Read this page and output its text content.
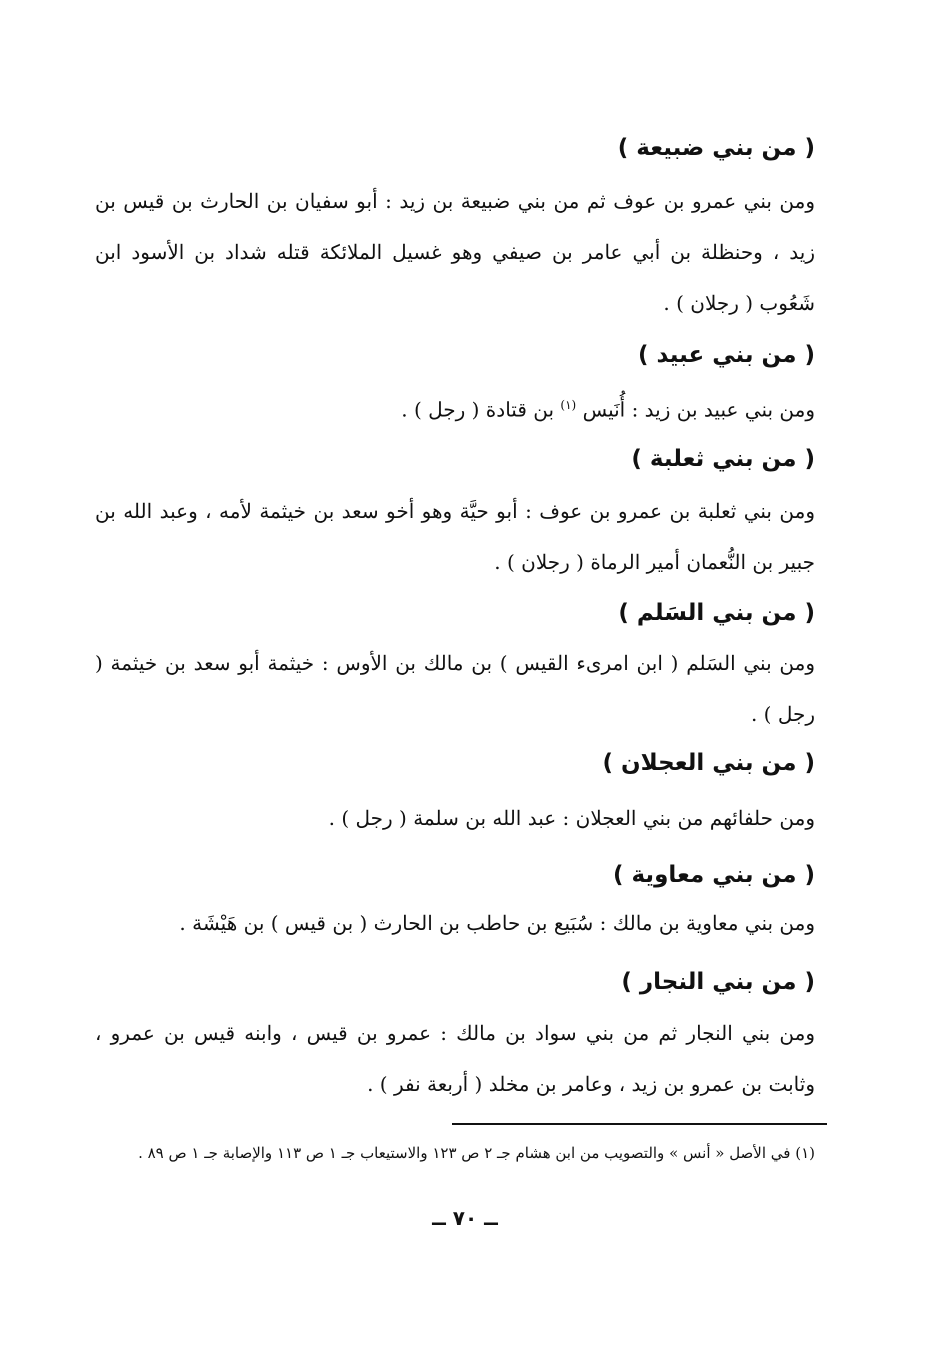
( من بني ضبيعة )
ومن بني عمرو بن عوف ثم من بني ضبيعة بن زيد : أبو سفيان بن الحارث بن قيس بن زيد ، وحنظلة بن أبي عامر بن صيفي وهو غسيل الملائكة قتله شداد بن الأسود ابن شَعُوب ( رجلان ) .
( من بني عبيد )
ومن بني عبيد بن زيد : أُنَيس $^{(١)}$ بن قتادة ( رجل ) .
( من بني ثعلبة )
ومن بني ثعلبة بن عمرو بن عوف : أبو حيَّة وهو أخو سعد بن خيثمة لأمه ، وعبد الله بن جبير بن النُّعمان أمير الرماة ( رجلان ) .
( من بني السَلم )
ومن بني السَلم ( ابن امرىء القيس ) بن مالك بن الأوس : خيثمة أبو سعد بن خيثمة ( رجل ) .
( من بني العجلان )
ومن حلفائهم من بني العجلان : عبد الله بن سلمة ( رجل ) .
( من بني معاوية )
ومن بني معاوية بن مالك : سُبَيع بن حاطب بن الحارث ( بن قيس ) بن هَيْشَة .
( من بني النجار )
ومن بني النجار ثم من بني سواد بن مالك : عمرو بن قيس ، وابنه قيس بن عمرو ، وثابت بن عمرو بن زيد ، وعامر بن مخلد ( أربعة نفر ) .
(١) في الأصل « أنس » والتصويب من ابن هشام جـ ٢ ص ١٢٣ والاستيعاب جـ ١ ص ١١٣ والإصابة جـ ١ ص ٨٩ .
ــ ٧٠ ــ
